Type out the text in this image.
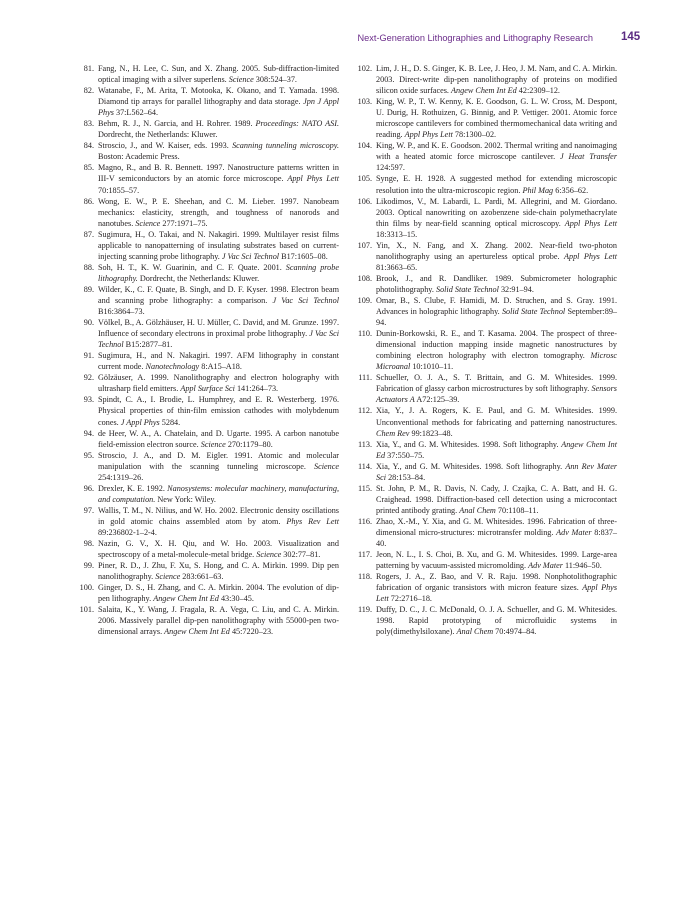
Next-Generation Lithographies and Lithography Research 145
81. Fang, N., H. Lee, C. Sun, and X. Zhang. 2005. Sub-diffraction-limited optical imaging with a silver superlens. Science 308:524–37.
82. Watanabe, F., M. Arita, T. Motooka, K. Okano, and T. Yamada. 1998. Diamond tip arrays for parallel lithography and data storage. Jpn J Appl Phys 37:L562–64.
83. Behm, R. J., N. Garcia, and H. Rohrer. 1989. Proceedings: NATO ASI. Dordrecht, the Netherlands: Kluwer.
84. Stroscio, J., and W. Kaiser, eds. 1993. Scanning tunneling microscopy. Boston: Academic Press.
85. Magno, R., and B. R. Bennett. 1997. Nanostructure patterns written in III-V semiconductors by an atomic force microscope. Appl Phys Lett 70:1855–57.
86. Wong, E. W., P. E. Sheehan, and C. M. Lieber. 1997. Nanobeam mechanics: elasticity, strength, and toughness of nanorods and nanotubes. Science 277:1971–75.
87. Sugimura, H., O. Takai, and N. Nakagiri. 1999. Multilayer resist films applicable to nanopatterning of insulating substrates based on current-injecting scanning probe lithography. J Vac Sci Technol B17:1605–08.
88. Soh, H. T., K. W. Guarinin, and C. F. Quate. 2001. Scanning probe lithography. Dordrecht, the Netherlands: Kluwer.
89. Wilder, K., C. F. Quate, B. Singh, and D. F. Kyser. 1998. Electron beam and scanning probe lithography: a comparison. J Vac Sci Technol B16:3864–73.
90. Völkel, B., A. Gölzhäuser, H. U. Müller, C. David, and M. Grunze. 1997. Influence of secondary electrons in proximal probe lithography. J Vac Sci Technol B15:2877–81.
91. Sugimura, H., and N. Nakagiri. 1997. AFM lithography in constant current mode. Nanotechnology 8:A15–A18.
92. Gölzäuser, A. 1999. Nanolithography and electron holography with ultrasharp field emitters. Appl Surface Sci 141:264–73.
93. Spindt, C. A., I. Brodie, L. Humphrey, and E. R. Westerberg. 1976. Physical properties of thin-film emission cathodes with molybdenum cones. J Appl Phys 5284.
94. de Heer, W. A., A. Chatelain, and D. Ugarte. 1995. A carbon nanotube field-emission electron source. Science 270:1179–80.
95. Stroscio, J. A., and D. M. Eigler. 1991. Atomic and molecular manipulation with the scanning tunneling microscope. Science 254:1319–26.
96. Drexler, K. E. 1992. Nanosystems: molecular machinery, manufacturing, and computation. New York: Wiley.
97. Wallis, T. M., N. Nilius, and W. Ho. 2002. Electronic density oscillations in gold atomic chains assembled atom by atom. Phys Rev Lett 89:236802-1–2-4.
98. Nazin, G. V., X. H. Qiu, and W. Ho. 2003. Visualization and spectroscopy of a metal-molecule-metal bridge. Science 302:77–81.
99. Piner, R. D., J. Zhu, F. Xu, S. Hong, and C. A. Mirkin. 1999. Dip pen nanolithography. Science 283:661–63.
100. Ginger, D. S., H. Zhang, and C. A. Mirkin. 2004. The evolution of dip-pen lithography. Angew Chem Int Ed 43:30–45.
101. Salaita, K., Y. Wang, J. Fragala, R. A. Vega, C. Liu, and C. A. Mirkin. 2006. Massively parallel dip-pen nanolithography with 55000-pen two-dimensional arrays. Angew Chem Int Ed 45:7220–23.
102. Lim, J. H., D. S. Ginger, K. B. Lee, J. Heo, J. M. Nam, and C. A. Mirkin. 2003. Direct-write dip-pen nanolithography of proteins on modified silicon oxide surfaces. Angew Chem Int Ed 42:2309–12.
103. King, W. P., T. W. Kenny, K. E. Goodson, G. L. W. Cross, M. Despont, U. Durig, H. Rothuizen, G. Binnig, and P. Vettiger. 2001. Atomic force microscope cantilevers for combined thermomechanical data writing and reading. Appl Phys Lett 78:1300–02.
104. King, W. P., and K. E. Goodson. 2002. Thermal writing and nanoimaging with a heated atomic force microscope cantilever. J Heat Transfer 124:597.
105. Synge, E. H. 1928. A suggested method for extending microscopic resolution into the ultra-microscopic region. Phil Mag 6:356–62.
106. Likodimos, V., M. Labardi, L. Pardi, M. Allegrini, and M. Giordano. 2003. Optical nanowriting on azobenzene side-chain polymethacrylate thin films by near-field scanning optical microscopy. Appl Phys Lett 18:3313–15.
107. Yin, X., N. Fang, and X. Zhang. 2002. Near-field two-photon nanolithography using an apertureless optical probe. Appl Phys Lett 81:3663–65.
108. Brook, J., and R. Dandliker. 1989. Submicrometer holographic photolithography. Solid State Technol 32:91–94.
109. Omar, B., S. Clube, F. Hamidi, M. D. Struchen, and S. Gray. 1991. Advances in holographic lithography. Solid State Technol September:89–94.
110. Dunin-Borkowski, R. E., and T. Kasama. 2004. The prospect of three-dimensional induction mapping inside magnetic nanostructures by combining electron holography with electron tomography. Microsc Microanal 10:1010–11.
111. Schueller, O. J. A., S. T. Brittain, and G. M. Whitesides. 1999. Fabrication of glassy carbon microstructures by soft lithography. Sensors Actuators A A72:125–39.
112. Xia, Y., J. A. Rogers, K. E. Paul, and G. M. Whitesides. 1999. Unconventional methods for fabricating and patterning nanostructures. Chem Rev 99:1823–48.
113. Xia, Y., and G. M. Whitesides. 1998. Soft lithography. Angew Chem Int Ed 37:550–75.
114. Xia, Y., and G. M. Whitesides. 1998. Soft lithography. Ann Rev Mater Sci 28:153–84.
115. St. John, P. M., R. Davis, N. Cady, J. Czajka, C. A. Batt, and H. G. Craighead. 1998. Diffraction-based cell detection using a microcontact printed antibody grating. Anal Chem 70:1108–11.
116. Zhao, X.-M., Y. Xia, and G. M. Whitesides. 1996. Fabrication of three-dimensional micro-structures: microtransfer molding. Adv Mater 8:837–40.
117. Jeon, N. L., I. S. Choi, B. Xu, and G. M. Whitesides. 1999. Large-area patterning by vacuum-assisted micromolding. Adv Mater 11:946–50.
118. Rogers, J. A., Z. Bao, and V. R. Raju. 1998. Nonphotolithographic fabrication of organic transistors with micron feature sizes. Appl Phys Lett 72:2716–18.
119. Duffy, D. C., J. C. McDonald, O. J. A. Schueller, and G. M. Whitesides. 1998. Rapid prototyping of microfluidic systems in poly(dimethylsiloxane). Anal Chem 70:4974–84.
